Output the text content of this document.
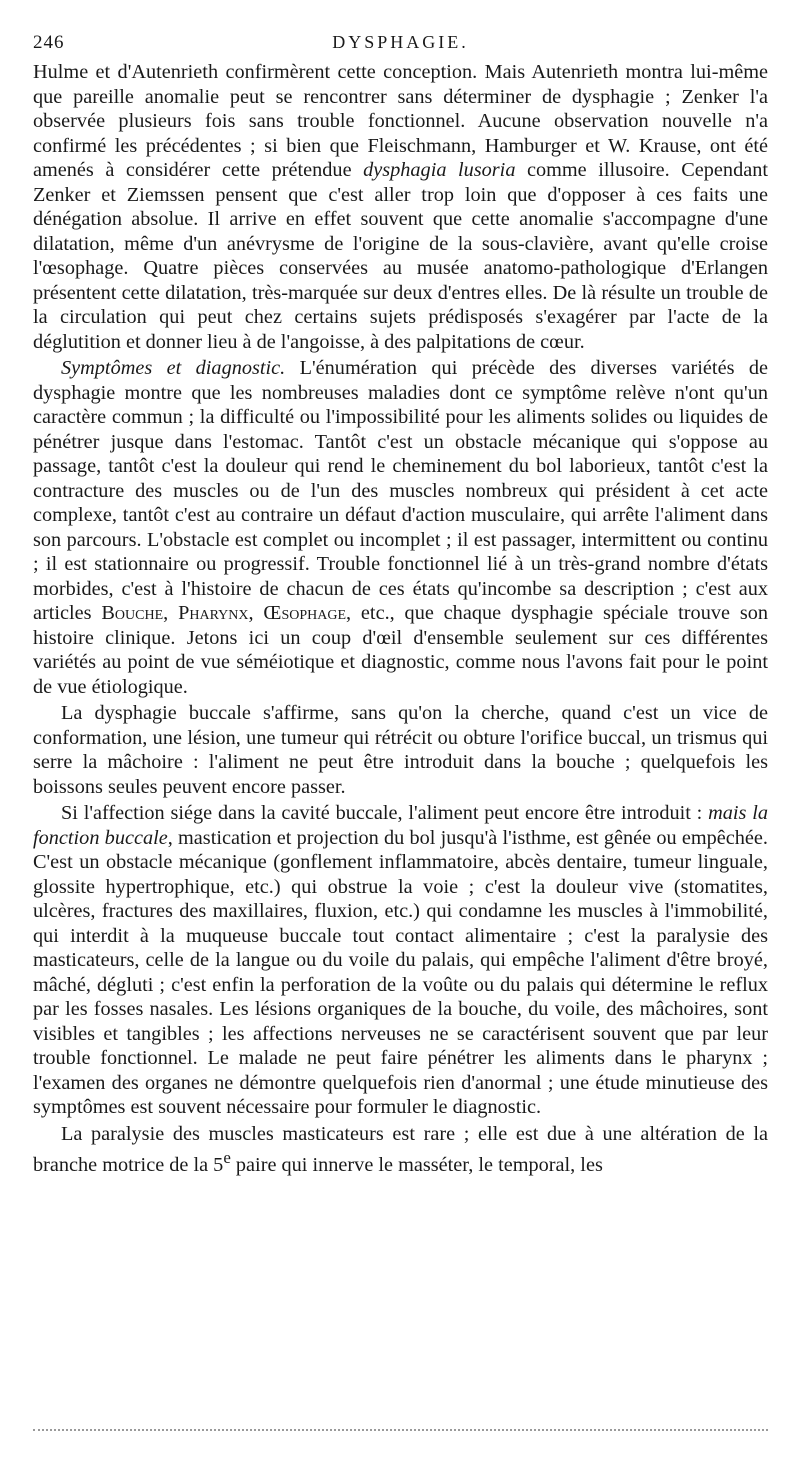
246	DYSPHAGIE.

Hulme et d'Autenrieth confirmèrent cette conception. Mais Autenrieth montra lui-même que pareille anomalie peut se rencontrer sans déterminer de dysphagie ; Zenker l'a observée plusieurs fois sans trouble fonctionnel. Aucune observation nouvelle n'a confirmé les précédentes ; si bien que Fleischmann, Hamburger et W. Krause, ont été amenés à considérer cette prétendue dysphagia lusoria comme illusoire. Cependant Zenker et Ziemssen pensent que c'est aller trop loin que d'opposer à ces faits une dénégation absolue. Il arrive en effet souvent que cette anomalie s'accompagne d'une dilatation, même d'un anévrysme de l'origine de la sous-clavière, avant qu'elle croise l'œsophage. Quatre pièces conservées au musée anatomo-pathologique d'Erlangen présentent cette dilatation, très-marquée sur deux d'entres elles. De là résulte un trouble de la circulation qui peut chez certains sujets prédisposés s'exagérer par l'acte de la déglutition et donner lieu à de l'angoisse, à des palpitations de cœur.

Symptômes et diagnostic. L'énumération qui précède des diverses variétés de dysphagie montre que les nombreuses maladies dont ce symptôme relève n'ont qu'un caractère commun ; la difficulté ou l'impossibilité pour les aliments solides ou liquides de pénétrer jusque dans l'estomac. Tantôt c'est un obstacle mécanique qui s'oppose au passage, tantôt c'est la douleur qui rend le cheminement du bol laborieux, tantôt c'est la contracture des muscles ou de l'un des muscles nombreux qui président à cet acte complexe, tantôt c'est au contraire un défaut d'action musculaire, qui arrête l'aliment dans son parcours. L'obstacle est complet ou incomplet ; il est passager, intermittent ou continu ; il est stationnaire ou progressif. Trouble fonctionnel lié à un très-grand nombre d'états morbides, c'est à l'histoire de chacun de ces états qu'incombe sa description ; c'est aux articles Bouche, Pharynx, Œsophage, etc., que chaque dysphagie spéciale trouve son histoire clinique. Jetons ici un coup d'œil d'ensemble seulement sur ces différentes variétés au point de vue séméiotique et diagnostic, comme nous l'avons fait pour le point de vue étiologique.

La dysphagie buccale s'affirme, sans qu'on la cherche, quand c'est un vice de conformation, une lésion, une tumeur qui rétrécit ou obture l'orifice buccal, un trismus qui serre la mâchoire : l'aliment ne peut être introduit dans la bouche ; quelquefois les boissons seules peuvent encore passer.

Si l'affection siége dans la cavité buccale, l'aliment peut encore être introduit : mais la fonction buccale, mastication et projection du bol jusqu'à l'isthme, est gênée ou empêchée. C'est un obstacle mécanique (gonflement inflammatoire, abcès dentaire, tumeur linguale, glossite hypertrophique, etc.) qui obstrue la voie ; c'est la douleur vive (stomatites, ulcères, fractures des maxillaires, fluxion, etc.) qui condamne les muscles à l'immobilité, qui interdit à la muqueuse buccale tout contact alimentaire ; c'est la paralysie des masticateurs, celle de la langue ou du voile du palais, qui empêche l'aliment d'être broyé, mâché, dégluti ; c'est enfin la perforation de la voûte ou du palais qui détermine le reflux par les fosses nasales. Les lésions organiques de la bouche, du voile, des mâchoires, sont visibles et tangibles ; les affections nerveuses ne se caractérisent souvent que par leur trouble fonctionnel. Le malade ne peut faire pénétrer les aliments dans le pharynx ; l'examen des organes ne démontre quelquefois rien d'anormal ; une étude minutieuse des symptômes est souvent nécessaire pour formuler le diagnostic.

La paralysie des muscles masticateurs est rare ; elle est due à une altération de la branche motrice de la 5e paire qui innerve le masséter, le temporal, les
